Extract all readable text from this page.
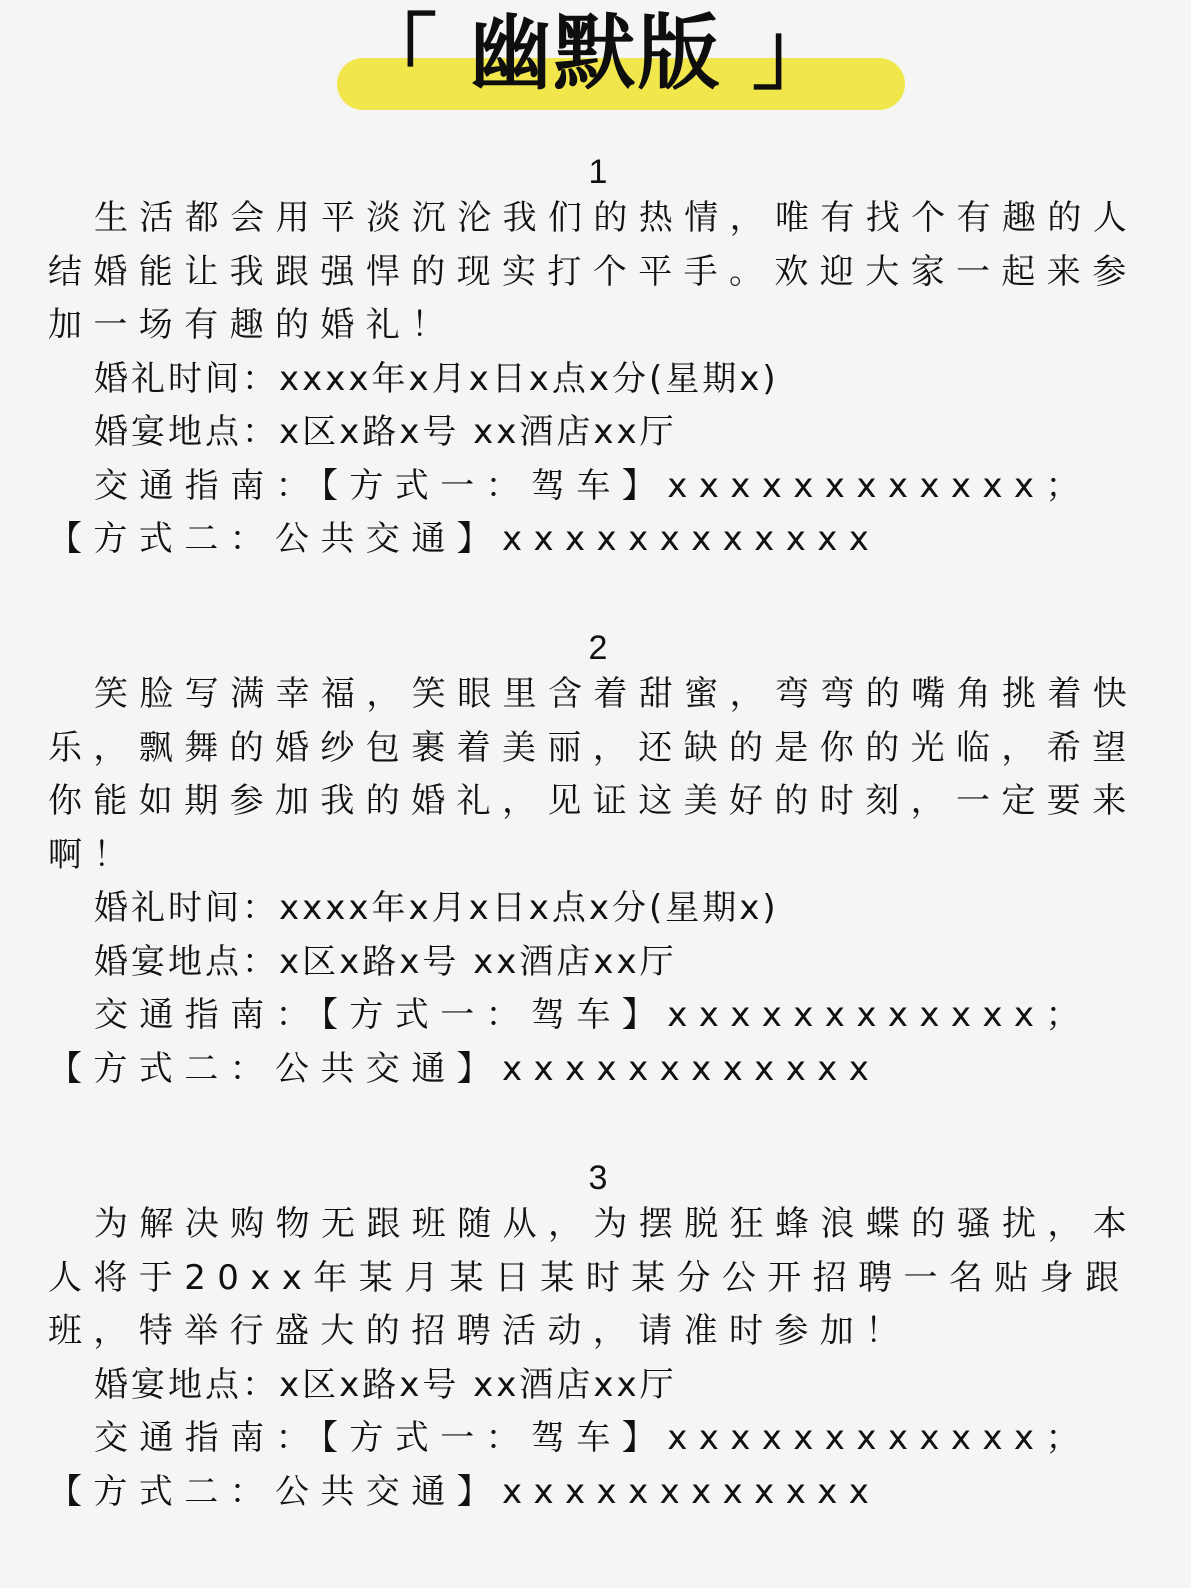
「 幽默版 」
1

生活都会用平淡沉沦我们的热情，唯有找个有趣的人结婚能让我跟强悍的现实打个平手。欢迎大家一起来参加一场有趣的婚礼！

婚礼时间：xxxx年x月x日x点x分(星期x)

婚宴地点：x区x路x号 xx酒店xx厅

交通指南：【方式一：驾车】xxxxxxxxxxxx；【方式二：公共交通】xxxxxxxxxxxx

2

笑脸写满幸福，笑眼里含着甜蜜，弯弯的嘴角挑着快乐，飘舞的婚纱包裹着美丽，还缺的是你的光临，希望你能如期参加我的婚礼，见证这美好的时刻，一定要来啊！

婚礼时间：xxxx年x月x日x点x分(星期x)

婚宴地点：x区x路x号 xx酒店xx厅

交通指南：【方式一：驾车】xxxxxxxxxxxx；【方式二：公共交通】xxxxxxxxxxxx

3

为解决购物无跟班随从，为摆脱狂蜂浪蝶的骚扰，本人将于20xx年某月某日某时某分公开招聘一名贴身跟班，特举行盛大的招聘活动，请准时参加！

婚宴地点：x区x路x号 xx酒店xx厅

交通指南：【方式一：驾车】xxxxxxxxxxxx；【方式二：公共交通】xxxxxxxxxxxx
